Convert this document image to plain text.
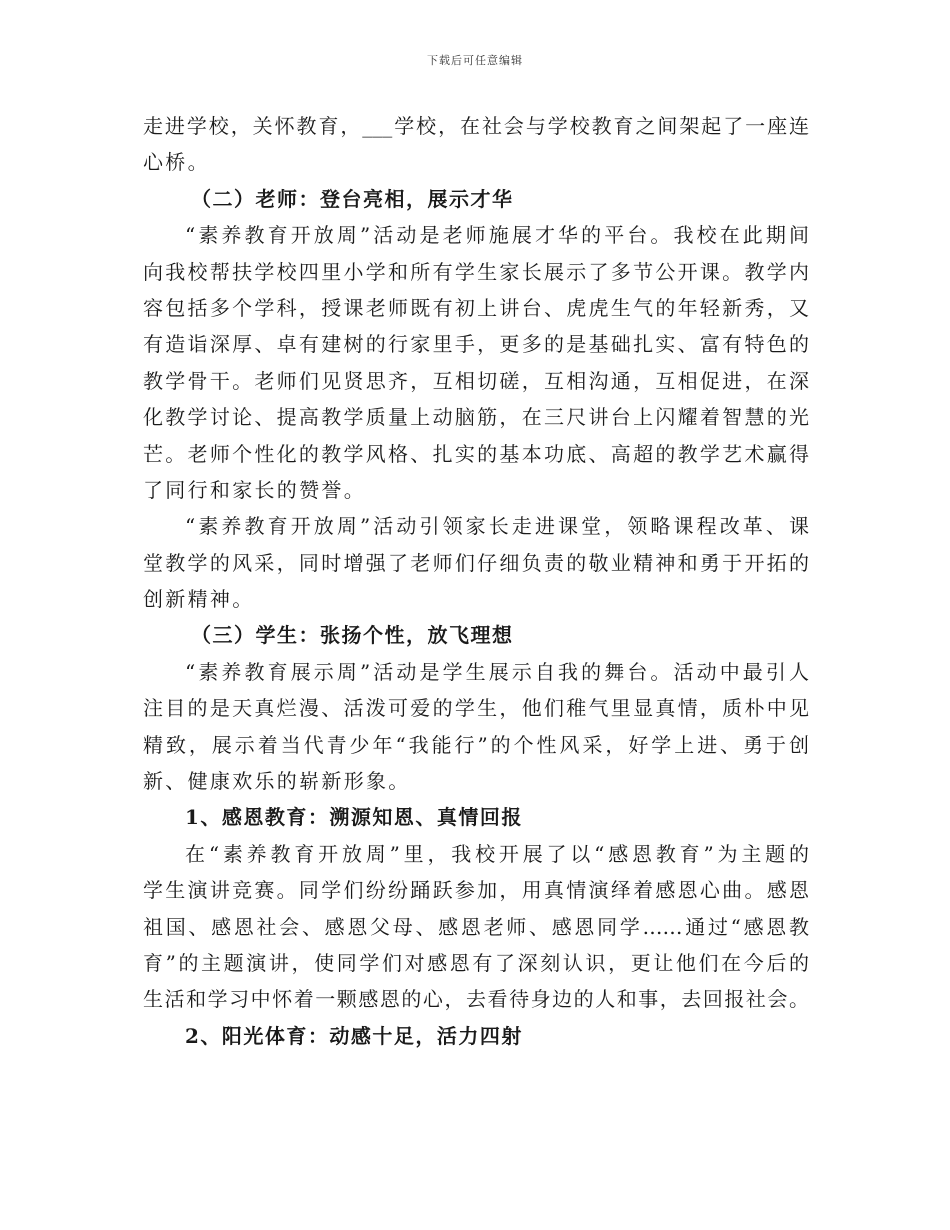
下载后可任意编辑

走进学校，关怀教育，___学校，在社会与学校教育之间架起了一座连

心桥。

（二）老师：登台亮相，展示才华

“素养教育开放周”活动是老师施展才华的平台。我校在此期间

向我校帮扶学校四里小学和所有学生家长展示了多节公开课。教学内

容包括多个学科，授课老师既有初上讲台、虎虎生气的年轻新秀，又

有造诣深厚、卓有建树的行家里手，更多的是基础扎实、富有特色的

教学骨干。老师们见贤思齐，互相切磋，互相沟通，互相促进，在深

化教学讨论、提高教学质量上动脑筋，在三尺讲台上闪耀着智慧的光

芒。老师个性化的教学风格、扎实的基本功底、高超的教学艺术赢得

了同行和家长的赞誉。

“素养教育开放周”活动引领家长走进课堂，领略课程改革、课

堂教学的风采，同时增强了老师们仔细负责的敬业精神和勇于开拓的

创新精神。

（三）学生：张扬个性，放飞理想

“素养教育展示周”活动是学生展示自我的舞台。活动中最引人

注目的是天真烂漫、活泼可爱的学生，他们稚气里显真情，质朴中见

精致，展示着当代青少年“我能行”的个性风采，好学上进、勇于创

新、健康欢乐的崭新形象。

1、感恩教育：溯源知恩、真情回报

在“素养教育开放周”里，我校开展了以“感恩教育”为主题的

学生演讲竞赛。同学们纷纷踊跃参加，用真情演绎着感恩心曲。感恩

祖国、感恩社会、感恩父母、感恩老师、感恩同学……通过“感恩教

育”的主题演讲，使同学们对感恩有了深刻认识，更让他们在今后的

生活和学习中怀着一颗感恩的心，去看待身边的人和事，去回报社会。

2、阳光体育：动感十足，活力四射
